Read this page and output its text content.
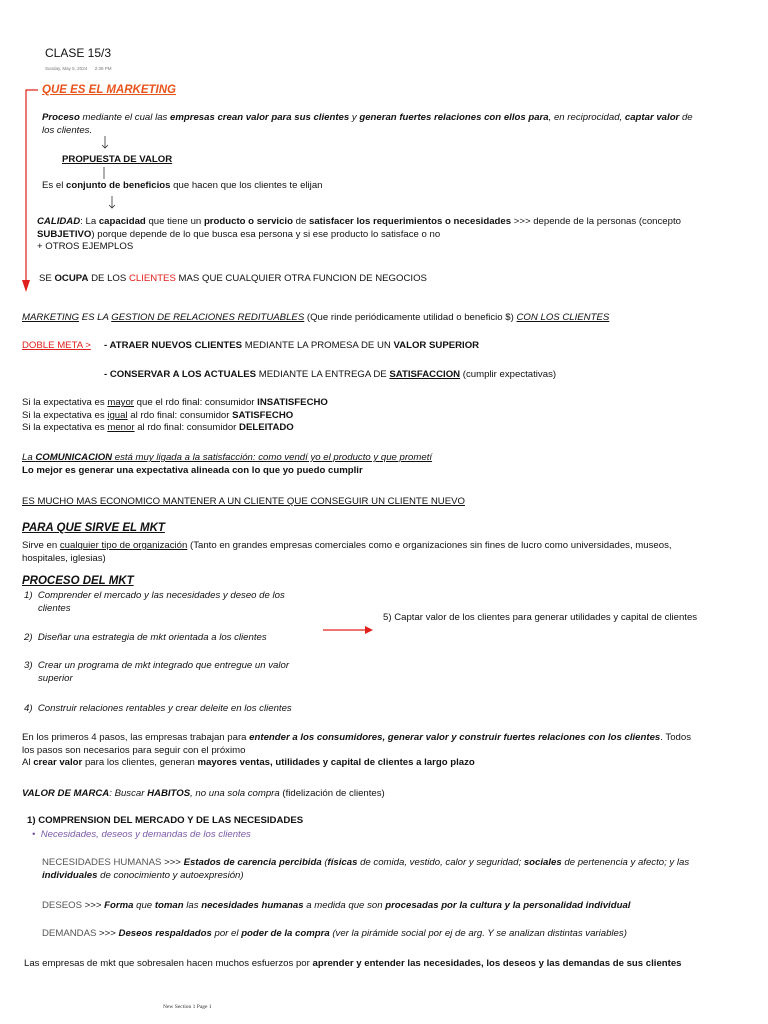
CLASE 15/3
Sunday, May 5, 2024 2:39 PM
QUE ES EL MARKETING
Proceso mediante el cual las empresas crean valor para sus clientes y generan fuertes relaciones con ellos para, en reciprocidad, captar valor de
los clientes.
PROPUESTA DE VALOR
Es el conjunto de beneficios que hacen que los clientes te elijan
CALIDAD: La capacidad que tiene un producto o servicio de satisfacer los requerimientos o necesidades >>> depende de la personas (concepto
SUBJETIVO) porque depende de lo que busca esa persona y si ese producto lo satisface o no
+ OTROS EJEMPLOS
SE OCUPA DE LOS CLIENTES MAS QUE CUALQUIER OTRA FUNCION DE NEGOCIOS
MARKETING ES LA GESTION DE RELACIONES REDITUABLES (Que rinde periódicamente utilidad o beneficio $) CON LOS CLIENTES
DOBLE META > - ATRAER NUEVOS CLIENTES MEDIANTE LA PROMESA DE UN VALOR SUPERIOR
- CONSERVAR A LOS ACTUALES MEDIANTE LA ENTREGA DE SATISFACCION (cumplir expectativas)
Si la expectativa es mayor que el rdo final: consumidor INSATISFECHO
Si la expectativa es igual al rdo final: consumidor SATISFECHO
Si la expectativa es menor al rdo final: consumidor DELEITADO
La COMUNICACION está muy ligada a la satisfacción: como vendí yo el producto y que prometí
Lo mejor es generar una expectativa alineada con lo que yo puedo cumplir
ES MUCHO MAS ECONOMICO MANTENER A UN CLIENTE QUE CONSEGUIR UN CLIENTE NUEVO
PARA QUE SIRVE EL MKT
Sirve en cualquier tipo de organización (Tanto en grandes empresas comerciales como e organizaciones sin fines de lucro como universidades, museos,
hospitales, iglesias)
PROCESO DEL MKT
1) Comprender el mercado y las necesidades y deseo de los
clientes
2) Diseñar una estrategia de mkt orientada a los clientes
3) Crear un programa de mkt integrado que entregue un valor
superior
4) Construir relaciones rentables y crear deleite en los clientes
5) Captar valor de los clientes para generar utilidades y capital de clientes
En los primeros 4 pasos, las empresas trabajan para entender a los consumidores, generar valor y construir fuertes relaciones con los clientes. Todos
los pasos son necesarios para seguir con el próximo
Al crear valor para los clientes, generan mayores ventas, utilidades y capital de clientes a largo plazo
VALOR DE MARCA: Buscar HABITOS, no una sola compra (fidelización de clientes)
1) COMPRENSION DEL MERCADO Y DE LAS NECESIDADES
• Necesidades, deseos y demandas de los clientes
NECESIDADES HUMANAS >>> Estados de carencia percibida (físicas de comida, vestido, calor y seguridad; sociales de pertenencia y afecto; y las
individuales de conocimiento y autoexpresión)
DESEOS >>> Forma que toman las necesidades humanas a medida que son procesadas por la cultura y la personalidad individual
DEMANDAS >>> Deseos respaldados por el poder de la compra (ver la pirámide social por ej de arg. Y se analizan distintas variables)
Las empresas de mkt que sobresalen hacen muchos esfuerzos por aprender y entender las necesidades, los deseos y las demandas de sus clientes
New Section 1 Page 1
